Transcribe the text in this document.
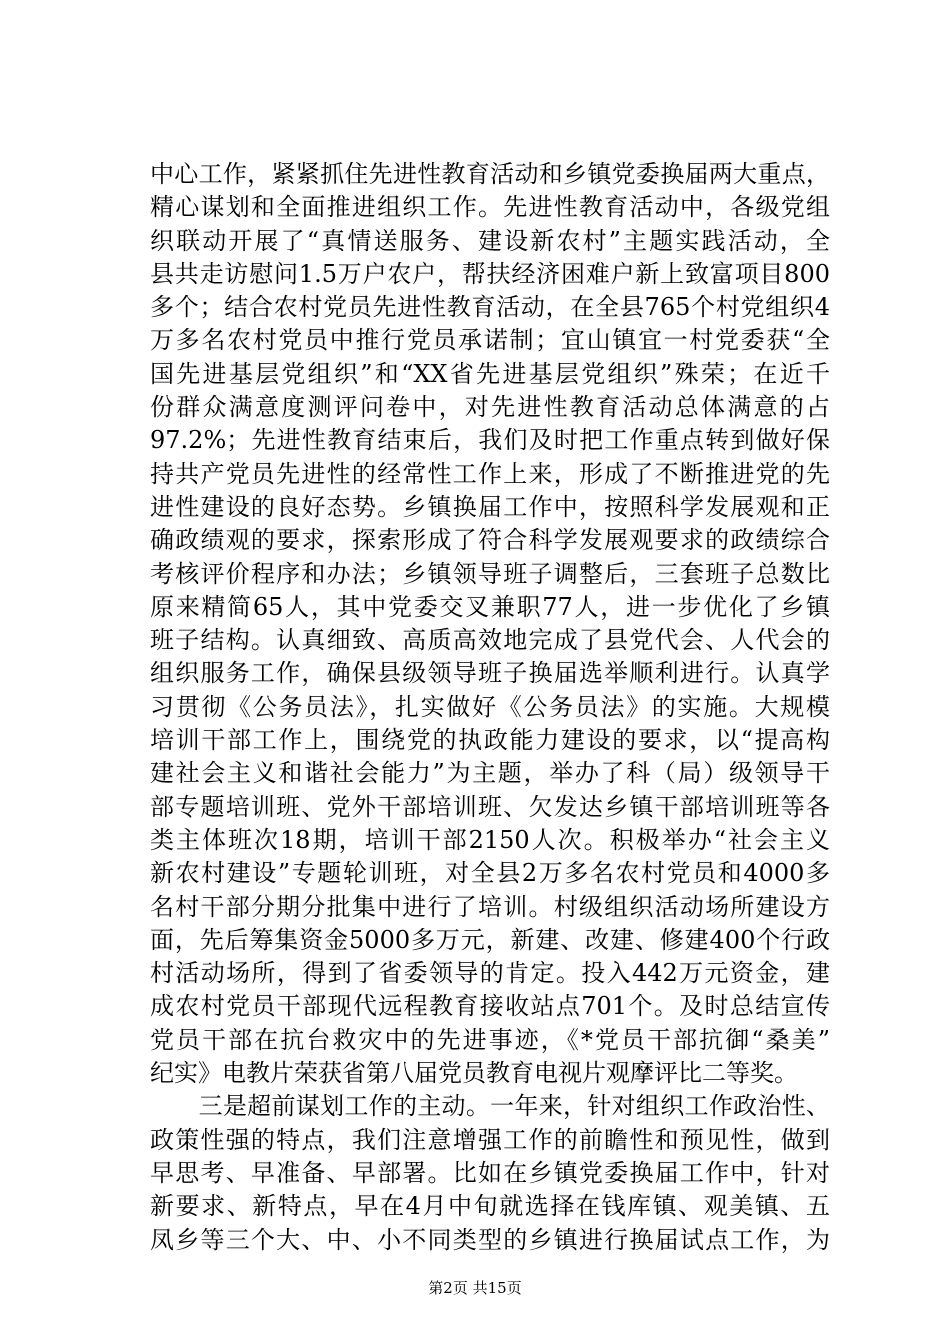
中心工作，紧紧抓住先进性教育活动和乡镇党委换届两大重点，
精心谋划和全面推进组织工作。先进性教育活动中，各级党组
织联动开展了“真情送服务、建设新农村”主题实践活动，全
县共走访慰问1.5万户农户，帮扶经济困难户新上致富项目800
多个；结合农村党员先进性教育活动，在全县765个村党组织4
万多名农村党员中推行党员承诺制；宜山镇宜一村党委获“全
国先进基层党组织”和“XX省先进基层党组织”殊荣；在近千
份群众满意度测评问卷中，对先进性教育活动总体满意的占
97.2%；先进性教育结束后，我们及时把工作重点转到做好保
持共产党员先进性的经常性工作上来，形成了不断推进党的先
进性建设的良好态势。乡镇换届工作中，按照科学发展观和正
确政绩观的要求，探索形成了符合科学发展观要求的政绩综合
考核评价程序和办法；乡镇领导班子调整后，三套班子总数比
原来精简65人，其中党委交叉兼职77人，进一步优化了乡镇
班子结构。认真细致、高质高效地完成了县党代会、人代会的
组织服务工作，确保县级领导班子换届选举顺利进行。认真学
习贯彻《公务员法》，扎实做好《公务员法》的实施。大规模
培训干部工作上，围绕党的执政能力建设的要求，以“提高构
建社会主义和谐社会能力”为主题，举办了科（局）级领导干
部专题培训班、党外干部培训班、欠发达乡镇干部培训班等各
类主体班次18期，培训干部2150人次。积极举办“社会主义
新农村建设”专题轮训班，对全县2万多名农村党员和4000多
名村干部分期分批集中进行了培训。村级组织活动场所建设方
面，先后筹集资金5000多万元，新建、改建、修建400个行政
村活动场所，得到了省委领导的肯定。投入442万元资金，建
成农村党员干部现代远程教育接收站点701个。及时总结宣传
党员干部在抗台救灾中的先进事迹，《*党员干部抗御“桑美”
纪实》电教片荣获省第八届党员教育电视片观摩评比二等奖。
　　三是超前谋划工作的主动。一年来，针对组织工作政治性、
政策性强的特点，我们注意增强工作的前瞻性和预见性，做到
早思考、早准备、早部署。比如在乡镇党委换届工作中，针对
新要求、新特点，早在4月中旬就选择在钱库镇、观美镇、五
凤乡等三个大、中、小不同类型的乡镇进行换届试点工作，为
第2页 共15页
